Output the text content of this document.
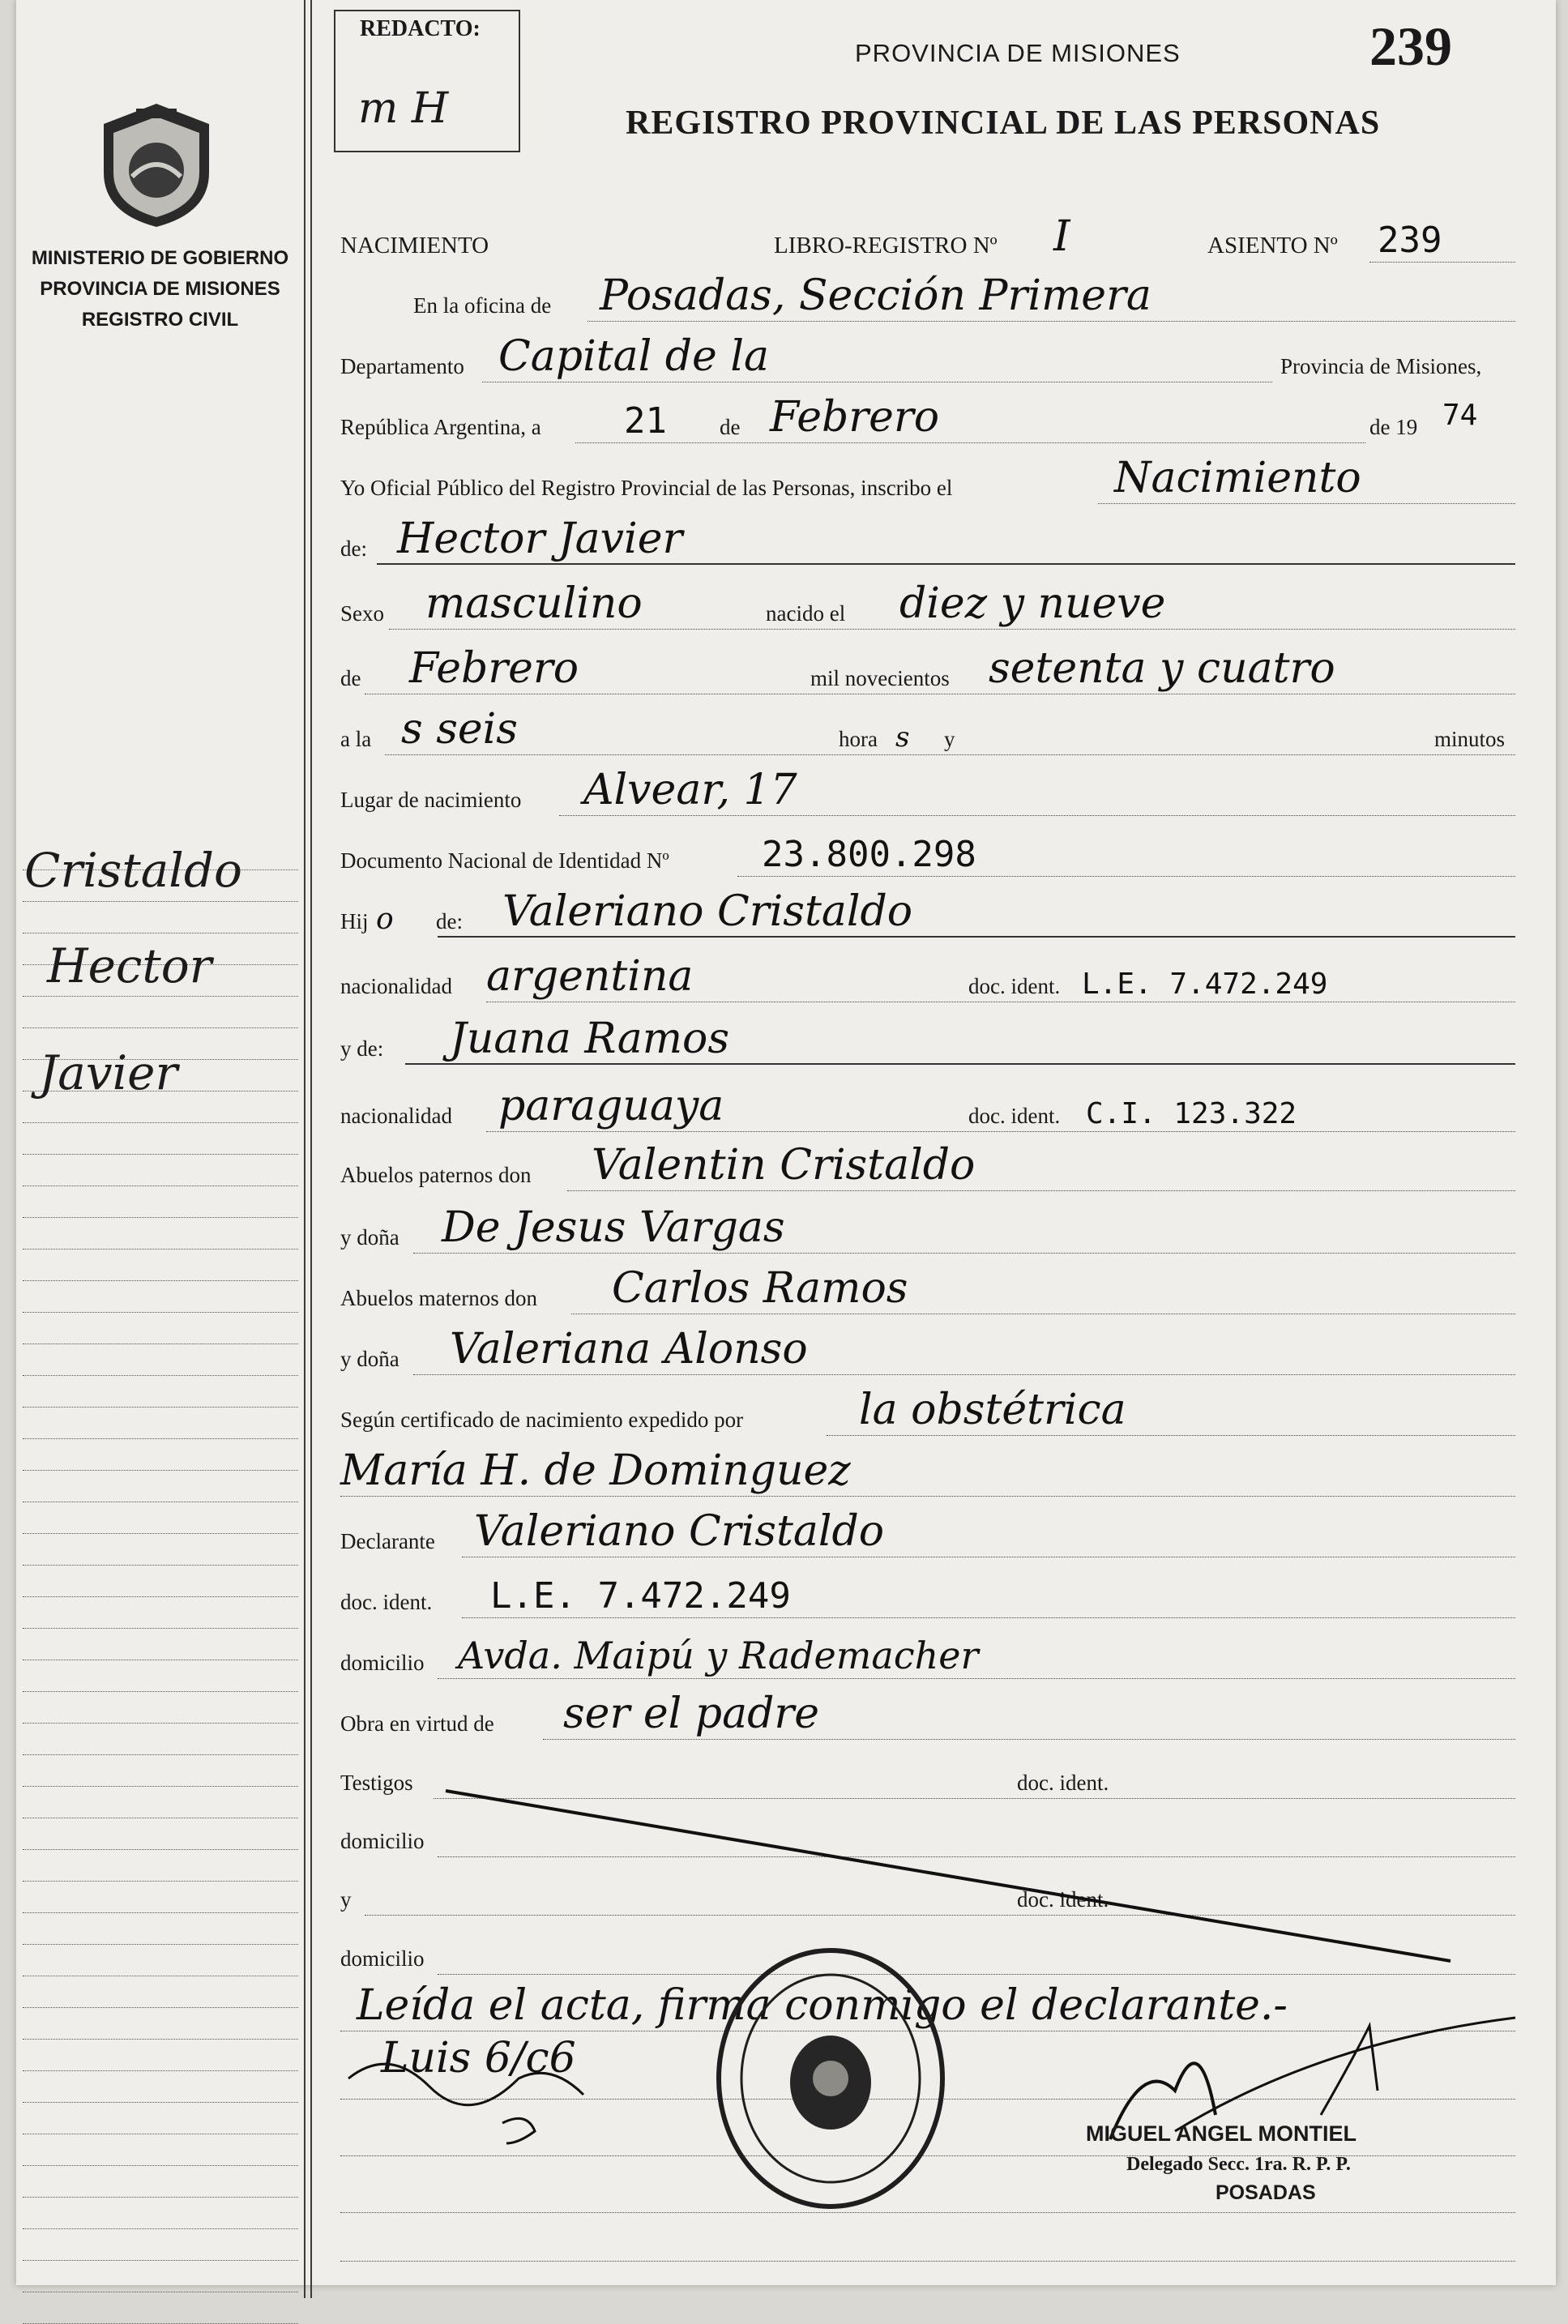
MINISTERIO DE GOBIERNO
PROVINCIA DE MISIONES
REGISTRO CIVIL
Cristaldo
Hector
Javier
REDACTO:
m H
PROVINCIA DE MISIONES	239
REGISTRO PROVINCIAL DE LAS PERSONAS
NACIMIENTO	LIBRO-REGISTRO Nº I	ASIENTO Nº 239
En la oficina de Posadas, Sección Primera
Departamento Capital de la	Provincia de Misiones,
República Argentina, a 21 de Febrero	de 19 74
Yo Oficial Público del Registro Provincial de las Personas, inscribo el	Nacimiento
de: Hector Javier
Sexo masculino	nacido el diez y nueve
de Febrero	mil novecientos setenta y cuatro
a la s seis	hora s y	minutos
Lugar de nacimiento Alvear, 17
Documento Nacional de Identidad Nº	23.800.298
Hij o de: Valeriano Cristaldo
nacionalidad argentina	doc. ident. L.E. 7.472.249
y de: Juana Ramos
nacionalidad paraguaya	doc. ident. C.I. 123.322
Abuelos paternos don Valentin Cristaldo
y doña De Jesus Vargas
Abuelos maternos don Carlos Ramos
y doña Valeriana Alonso
Según certificado de nacimiento expedido por	la obstétrica
María H. de Dominguez
Declarante Valeriano Cristaldo
doc. ident. L.E. 7.472.249
domicilio Avda. Maipú y Rademacher
Obra en virtud de ser el padre
Testigos	doc. ident.
domicilio
y	doc. ident.
domicilio
Leída el acta, firma conmigo el declarante.-
Luis 6/c6
MIGUEL ANGEL MONTIEL
Delegado Secc. 1ra. R. P. P.
POSADAS
